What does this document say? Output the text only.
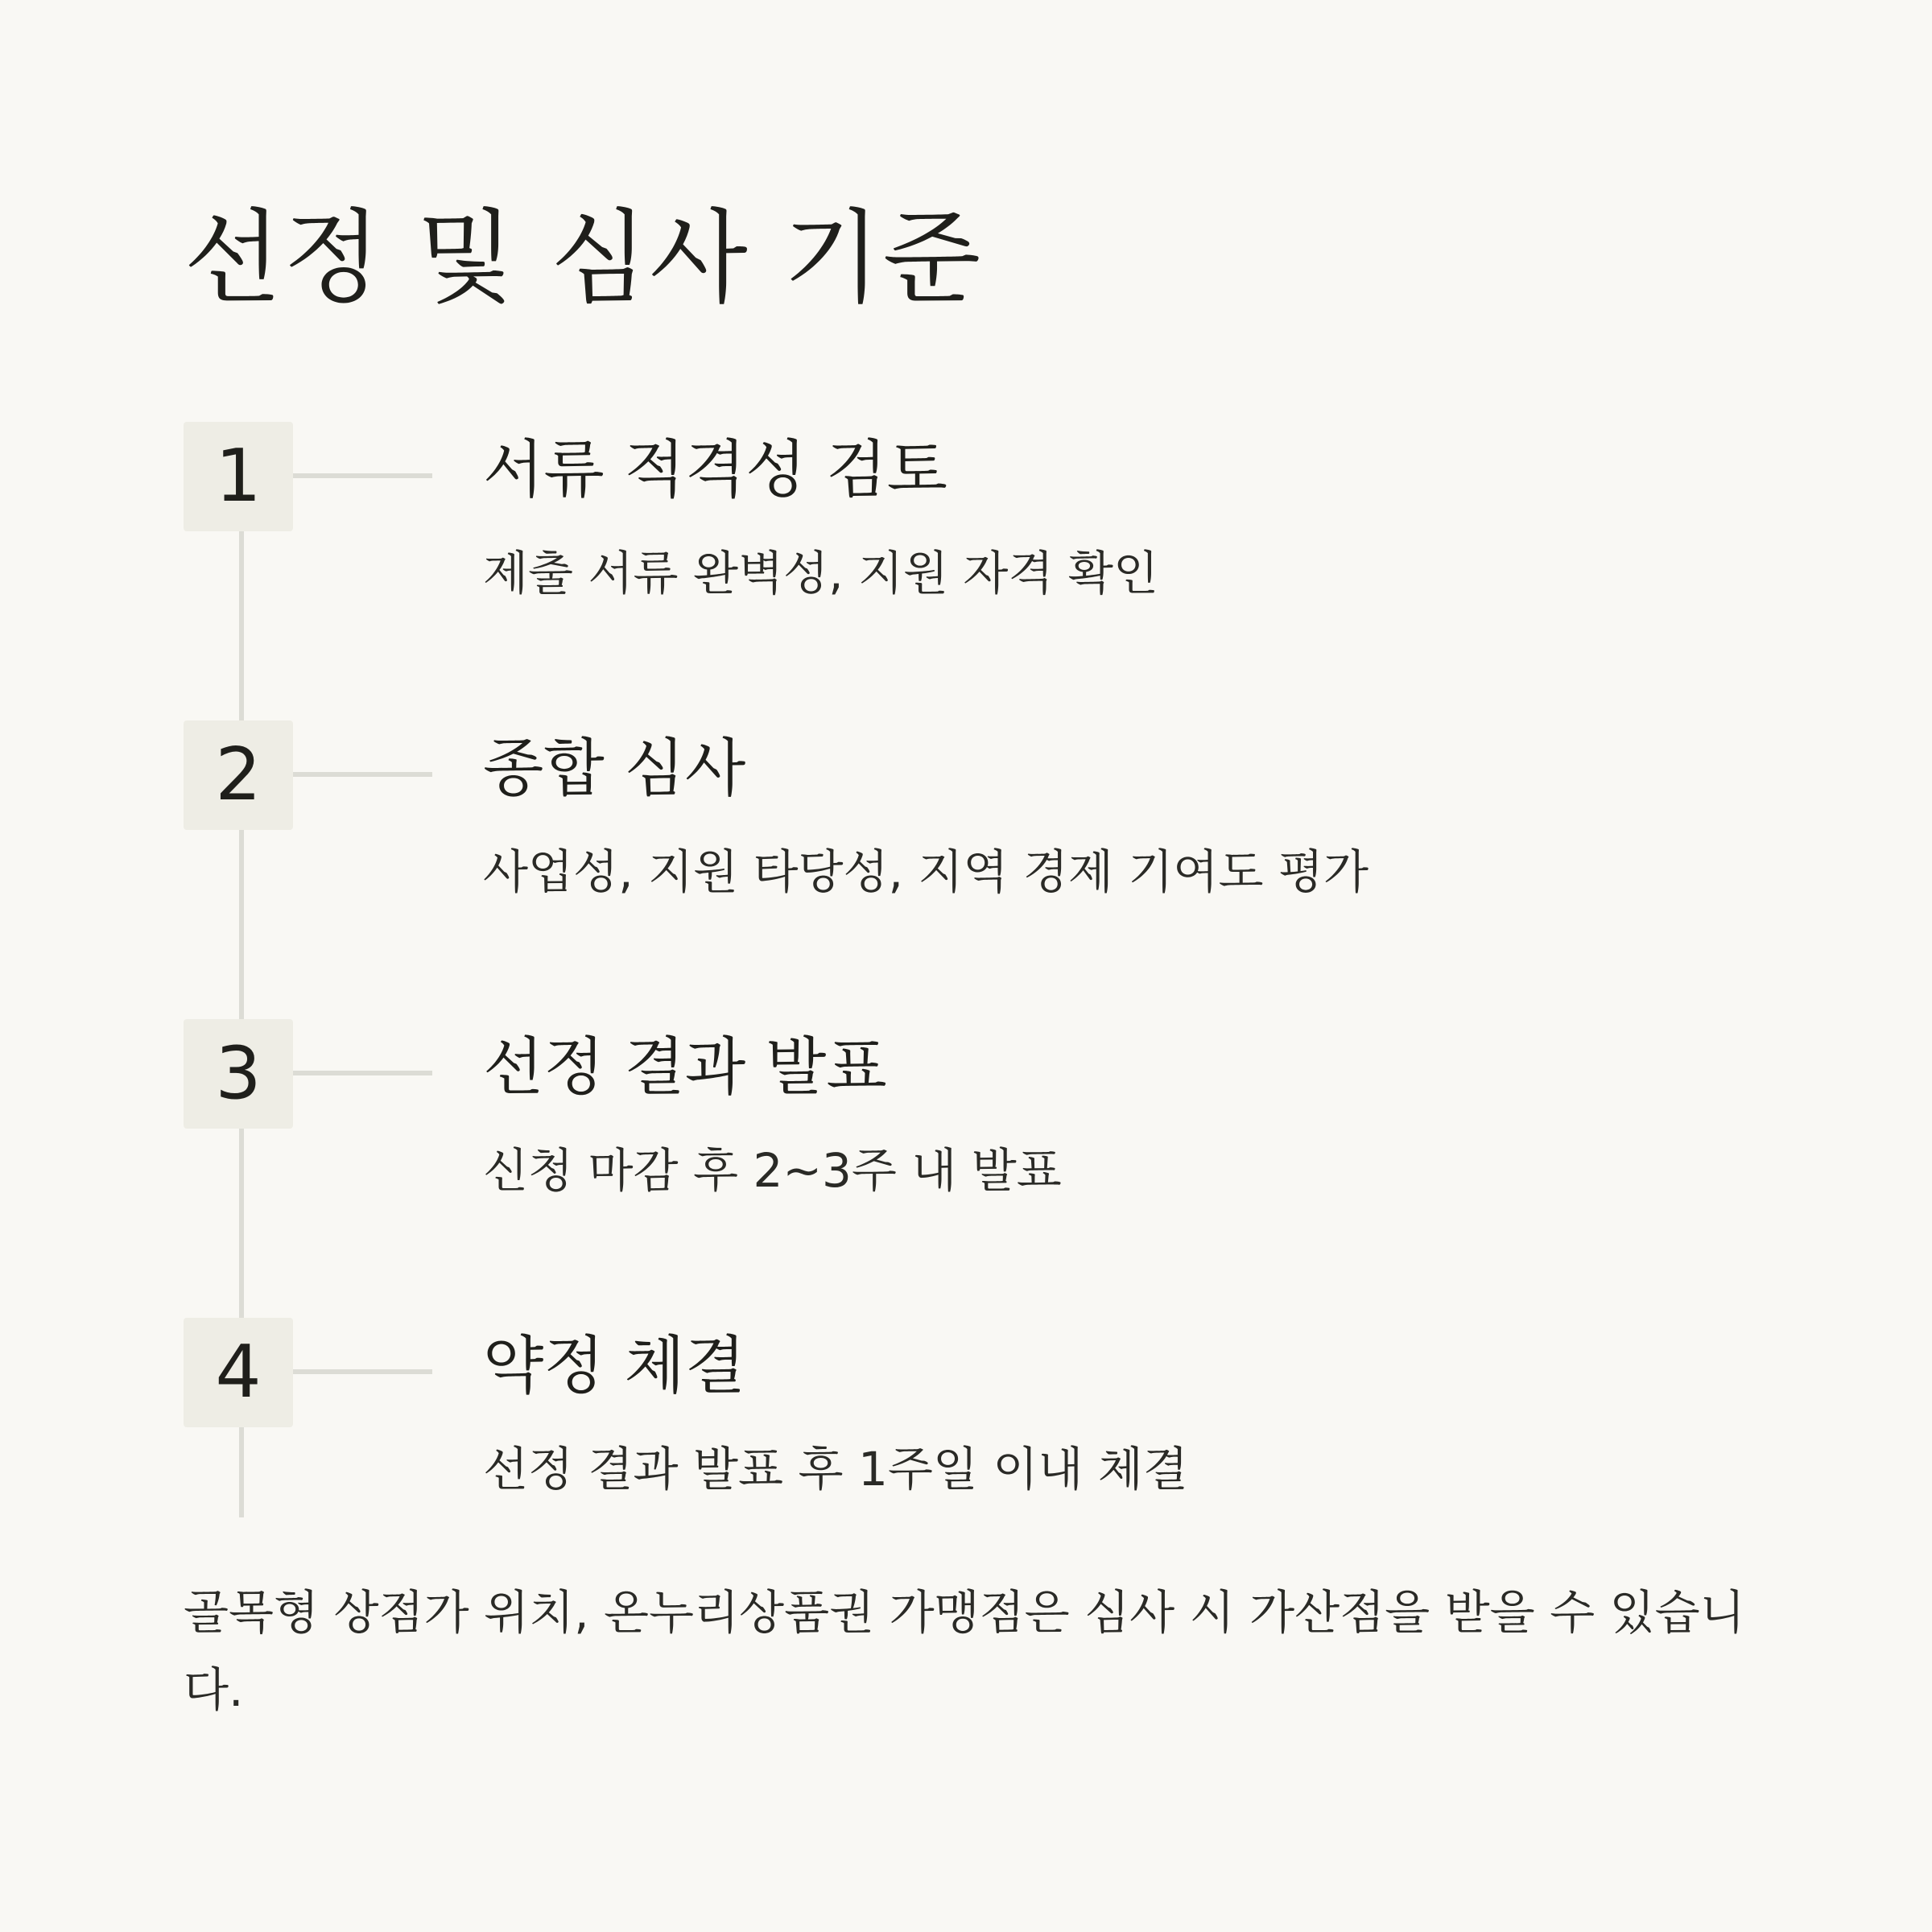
선정 및 심사 기준
1	서류 적격성 검토
제출 서류 완벽성, 지원 자격 확인
2	종합 심사
사업성, 지원 타당성, 지역 경제 기여도 평가
3	선정 결과 발표
신청 마감 후 2~3주 내 발표
4	약정 체결
선정 결과 발표 후 1주일 이내 체결

골목형 상점가 위치, 온누리상품권 가맹점은 심사 시 가산점을 받을 수 있습니다.
